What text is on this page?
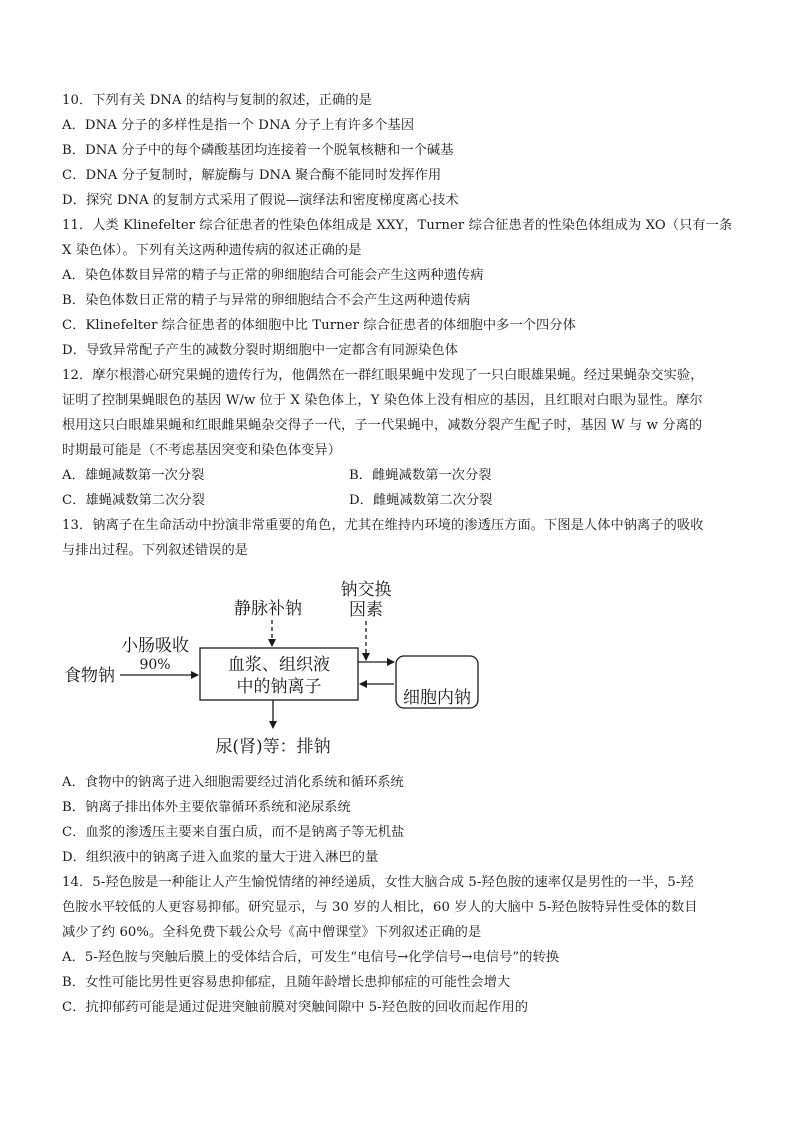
10．下列有关 DNA 的结构与复制的叙述，正确的是
A．DNA 分子的多样性是指一个 DNA 分子上有许多个基因
B．DNA 分子中的每个磷酸基团均连接着一个脱氧核糖和一个碱基
C．DNA 分子复制时，解旋酶与 DNA 聚合酶不能同时发挥作用
D．探究 DNA 的复制方式采用了假说—演绎法和密度梯度离心技术
11．人类 Klinefelter 综合征患者的性染色体组成是 XXY，Turner 综合征患者的性染色体组成为 XO（只有一条
X 染色体）。下列有关这两种遗传病的叙述正确的是
A．染色体数目异常的精子与正常的卵细胞结合可能会产生这两种遗传病
B．染色体数日正常的精子与异常的卵细胞结合不会产生这两种遗传病
C．Klinefelter 综合征患者的体细胞中比 Turner 综合征患者的体细胞中多一个四分体
D．导致异常配子产生的减数分裂时期细胞中一定都含有同源染色体
12．摩尔根潜心研究果蝇的遗传行为，他偶然在一群红眼果蝇中发现了一只白眼雄果蝇。经过果蝇杂交实验，
证明了控制果蝇眼色的基因 W/w 位于 X 染色体上，Y 染色体上没有相应的基因，且红眼对白眼为显性。摩尔
根用这只白眼雄果蝇和红眼雌果蝇杂交得子一代，子一代果蝇中，减数分裂产生配子时，基因 W 与 w 分离的
时期最可能是（不考虑基因突变和染色体变异）
A．雄蝇减数第一次分裂	B．雌蝇减数第一次分裂
C．雄蝇减数第二次分裂	D．雌蝇减数第二次分裂
13．钠离子在生命活动中扮演非常重要的角色，尤其在维持内环境的渗透压方面。下图是人体中钠离子的吸收
与排出过程。下列叙述错误的是
血浆、组织液
中的钠离子
细胞内钠
食物钠
小肠吸收
90%
静脉补钠
钠交换
因素
尿(肾)等：排钠
A．食物中的钠离子进入细胞需要经过消化系统和循环系统
B．钠离子排出体外主要依靠循环系统和泌尿系统
C．血浆的渗透压主要来自蛋白质，而不是钠离子等无机盐
D．组织液中的钠离子进入血浆的量大于进入淋巴的量
14．5-羟色胺是一种能让人产生愉悦情绪的神经递质，女性大脑合成 5-羟色胺的速率仅是男性的一半，5-羟
色胺水平较低的人更容易抑郁。研究显示，与 30 岁的人相比，60 岁人的大脑中 5-羟色胺特异性受体的数目
减少了约 60%。全科免费下载公众号《高中僧课堂》下列叙述正确的是
A．5-羟色胺与突触后膜上的受体结合后，可发生“电信号→化学信号→电信号”的转换
B．女性可能比男性更容易患抑郁症，且随年龄增长患抑郁症的可能性会增大
C．抗抑郁药可能是通过促进突触前膜对突触间隙中 5-羟色胺的回收而起作用的
